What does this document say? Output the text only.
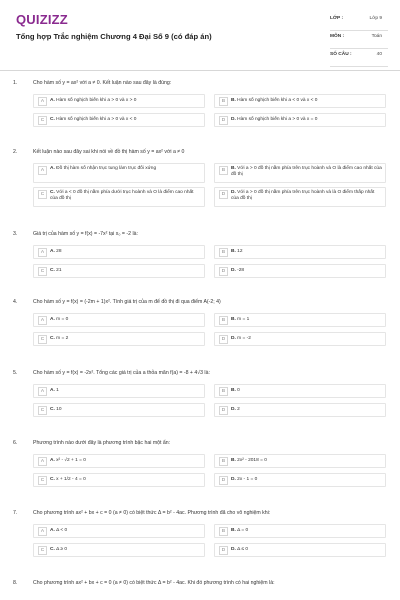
QUIZIZZ
Tổng hợp Trắc nghiệm Chương 4 Đại Số 9 (có đáp án)
LỚP :	Lớp 9
MÔN :	Toán
SỐ CÂU :	40
1.	Cho hàm số y = ax² với a ≠ 0. Kết luận nào sau đây là đúng:
A	A. Hàm số nghịch biến khi a > 0 và x > 0	B	B. Hàm số nghịch biến khi a < 0 và x < 0
C	C. Hàm số nghịch biến khi a > 0 và x < 0	D	D. Hàm số nghịch biến khi a > 0 và x = 0
2.	Kết luận nào sau đây sai khi nói về đồ thị hàm số y = ax² với a ≠ 0
A	A. Đồ thị hàm số nhận trục tung làm trục đối xứng	B	B. Với a > 0 đồ thị nằm phía trên trục hoành và O là điểm cao nhất của đồ thị
C	C. Với a < 0 đồ thị nằm phía dưới trục hoành và O là điểm cao nhất của đồ thị
D	D. Với a > 0 đồ thị nằm phía trên trục hoành và là O điểm thấp nhất của đồ thị
3.	Giá trị của hàm số y = f(x) = -7x² tại x₀ = -2 là:
A	A. 28	B	B. 12
C	C. 21	D	D. -28
4.	Cho hàm số y = f(x) = (-2m + 1)x². Tính giá trị của m để đồ thị đi qua điểm A(-2; 4)
A	A. m = 0	B	B. m = 1
C	C. m = 2	D	D. m = -2
5.	Cho hàm số y = f(x) = -2x². Tổng các giá trị của a thỏa mãn f(a) = -8 + 4√3 là:
A	A. 1	B	B. 0
C	C. 10	D	D. 2
6.	Phương trình nào dưới đây là phương trình bậc hai một ẩn:
A	A. x² - √2 + 1 = 0	B	B. 2x² - 2018 = 0
C	C. x + 1/2 - 4 = 0	D	D. 2x - 1 = 0
7.	Cho phương trình ax² + bx + c = 0 (a ≠ 0) có biệt thức Δ = b² - 4ac. Phương trình đã cho vô nghiệm khi:
A	A. Δ < 0	B	B. Δ = 0
C	C. Δ ≥ 0	D	D. Δ ≤ 0
8.	Cho phương trình ax² + bx + c = 0 (a ≠ 0) có biệt thức Δ = b² - 4ac. Khi đó phương trình có hai nghiệm là:
